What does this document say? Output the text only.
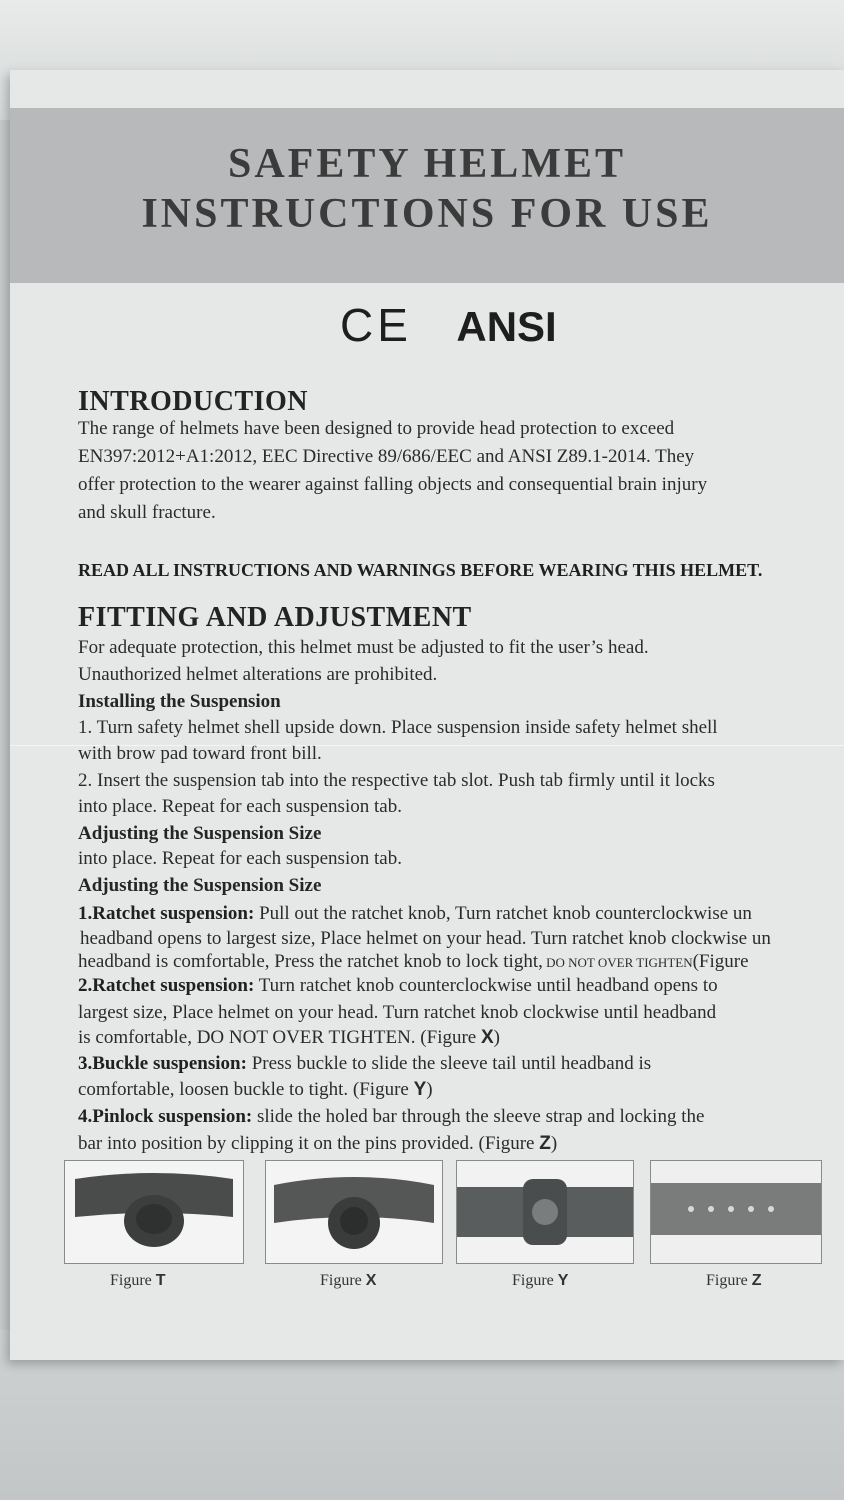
SAFETY HELMET
INSTRUCTIONS FOR USE
CE ANSI
INTRODUCTION
The range of helmets have been designed to provide head protection to exceed
EN397:2012+A1:2012, EEC Directive 89/686/EEC and ANSI Z89.1-2014. They
offer protection to the wearer against falling objects and consequential brain injury
and skull fracture.
READ ALL INSTRUCTIONS AND WARNINGS BEFORE WEARING THIS HELMET.
FITTING AND ADJUSTMENT
For adequate protection, this helmet must be adjusted to fit the user’s head.
Unauthorized helmet alterations are prohibited.
Installing the Suspension
1. Turn safety helmet shell upside down. Place suspension inside safety helmet shell
with brow pad toward front bill.
2. Insert the suspension tab into the respective tab slot. Push tab firmly until it locks
into place. Repeat for each suspension tab.
Adjusting the Suspension Size
into place. Repeat for each suspension tab.
Adjusting the Suspension Size
1.Ratchet suspension: Pull out the ratchet knob, Turn ratchet knob counterclockwise un
headband opens to largest size, Place helmet on your head. Turn ratchet knob clockwise un
headband is comfortable, Press the ratchet knob to lock tight, DO NOT OVER TIGHTEN(Figure
2.Ratchet suspension: Turn ratchet knob counterclockwise until headband opens to
largest size, Place helmet on your head. Turn ratchet knob clockwise until headband
is comfortable, DO NOT OVER TIGHTEN. (Figure X)
3.Buckle suspension: Press buckle to slide the sleeve tail until headband is
comfortable, loosen buckle to tight. (Figure Y)
4.Pinlock suspension: slide the holed bar through the sleeve strap and locking the
bar into position by clipping it on the pins provided. (Figure Z)
Figure T	Figure X	Figure Y	Figure Z
